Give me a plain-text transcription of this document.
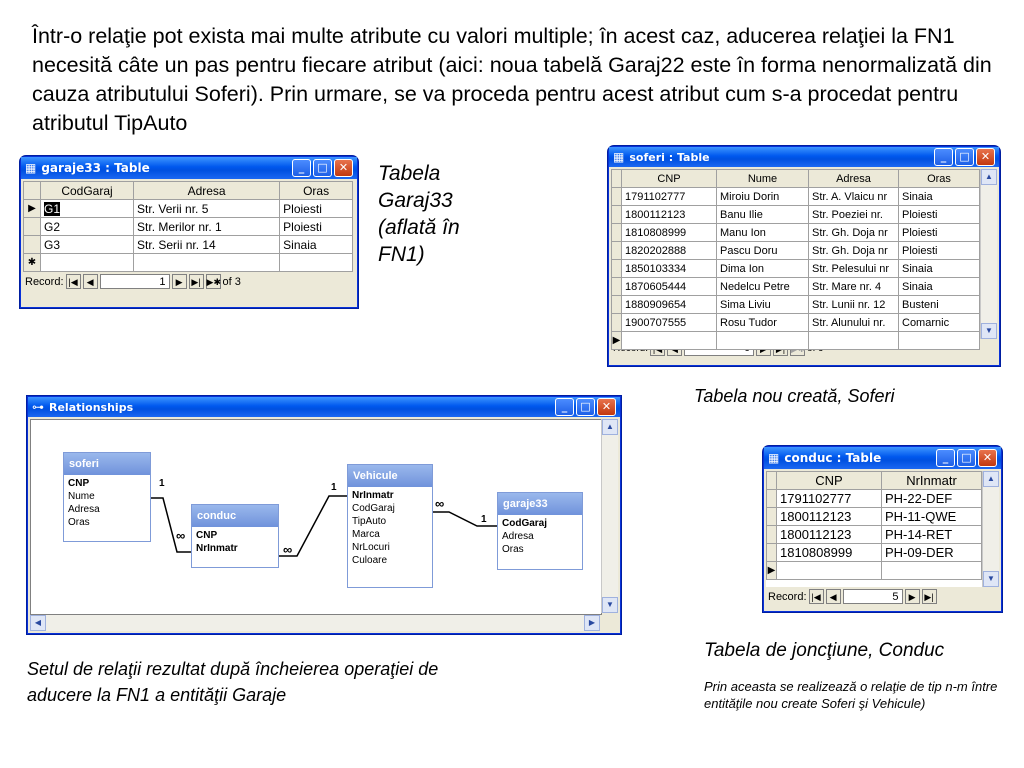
Într-o relaţie pot exista mai multe atribute cu valori multiple; în acest caz, aducerea relaţiei la FN1 necesită câte un pas pentru fiecare atribut (aici: noua tabelă Garaj22 este în forma nenormalizată din cauza atributului Soferi). Prin urmare, se va proceda pentru acest atribut cum s-a procedat pentru atributul TipAuto
▦ garaje33 : Table	_	□	✕
	CodGaraj	Adresa	Oras
▶	G1	Str. Verii nr. 5	Ploiesti
	G2	Str. Merilor nr. 1	Ploiesti
	G3	Str. Serii nr. 14	Sinaia
✱			
Record: |◀ ◀	1	▶ ▶| ▶✱ of 3
Tabela
Garaj33
(aflată în
FN1)
▦ soferi : Table	_	□	✕
	CNP	Nume	Adresa	Oras
	1791102777	Miroiu Dorin	Str. A. Vlaicu nr	Sinaia
	1800112123	Banu Ilie	Str. Poeziei nr.	Ploiesti
	1810808999	Manu Ion	Str. Gh. Doja nr	Ploiesti
	1820202888	Pascu Doru	Str. Gh. Doja nr	Ploiesti
	1850103334	Dima Ion	Str. Pelesului nr	Sinaia
	1870605444	Nedelcu Petre	Str. Mare nr. 4	Sinaia
	1880909654	Sima Liviu	Str. Lunii nr. 12	Busteni
	1900707555	Rosu Tudor	Str. Alunului nr.	Comarnic
▶				
▲
▼
Tabela nou creată, Soferi
⊶ Relationships	_	□	✕
1
∞
∞
1
∞
1
soferi
CNP
Nume
Adresa
Oras
conduc
CNP
NrInmatr
Vehicule
NrInmatr
CodGaraj
TipAuto
Marca
NrLocuri
Culoare
garaje33
CodGaraj
Adresa
Oras
▲
▼
◀	▶
Setul de relaţii rezultat după încheierea operaţiei de
aducere la FN1 a entităţii Garaje
▦ conduc : Table	_	□	✕
	CNP	NrInmatr
	1791102777	PH-22-DEF
	1800112123	PH-11-QWE
	1800112123	PH-14-RET
	1810808999	PH-09-DER
▶		
▲
▼
Record: |◀ ◀	5	▶ ▶|
Tabela de joncţiune, Conduc
Prin aceasta se realizează o relaţie de tip n-m între entităţile nou create Soferi şi Vehicule)
